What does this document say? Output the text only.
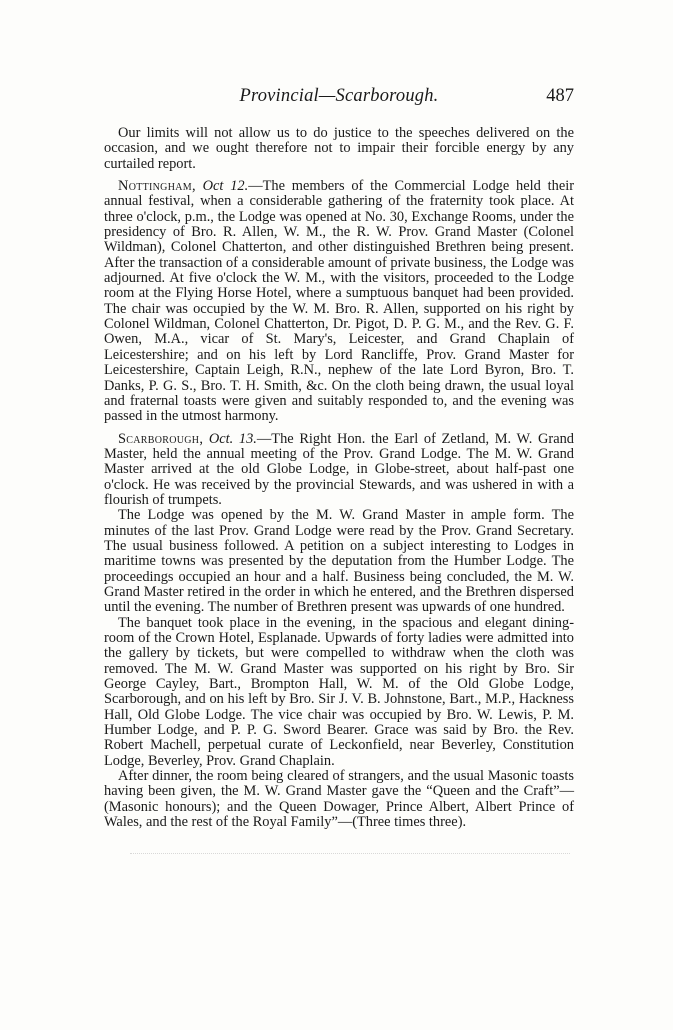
Provincial—Scarborough.	487

Our limits will not allow us to do justice to the speeches delivered on the occasion, and we ought therefore not to impair their forcible energy by any curtailed report.

Nottingham, Oct 12.—The members of the Commercial Lodge held their annual festival, when a considerable gathering of the fraternity took place. At three o'clock, p.m., the Lodge was opened at No. 30, Exchange Rooms, under the presidency of Bro. R. Allen, W. M., the R. W. Prov. Grand Master (Colonel Wildman), Colonel Chatterton, and other distinguished Brethren being present. After the transaction of a considerable amount of private business, the Lodge was adjourned. At five o'clock the W. M., with the visitors, proceeded to the Lodge room at the Flying Horse Hotel, where a sumptuous banquet had been provided. The chair was occupied by the W. M. Bro. R. Allen, supported on his right by Colonel Wildman, Colonel Chatterton, Dr. Pigot, D. P. G. M., and the Rev. G. F. Owen, M.A., vicar of St. Mary's, Leicester, and Grand Chaplain of Leicestershire; and on his left by Lord Rancliffe, Prov. Grand Master for Leicestershire, Captain Leigh, R.N., nephew of the late Lord Byron, Bro. T. Danks, P. G. S., Bro. T. H. Smith, &c. On the cloth being drawn, the usual loyal and fraternal toasts were given and suitably responded to, and the evening was passed in the utmost harmony.

Scarborough, Oct. 13.—The Right Hon. the Earl of Zetland, M. W. Grand Master, held the annual meeting of the Prov. Grand Lodge. The M. W. Grand Master arrived at the old Globe Lodge, in Globe-street, about half-past one o'clock. He was received by the provincial Stewards, and was ushered in with a flourish of trumpets.

The Lodge was opened by the M. W. Grand Master in ample form. The minutes of the last Prov. Grand Lodge were read by the Prov. Grand Secretary. The usual business followed. A petition on a subject interesting to Lodges in maritime towns was presented by the deputation from the Humber Lodge. The proceedings occupied an hour and a half. Business being concluded, the M. W. Grand Master retired in the order in which he entered, and the Brethren dispersed until the evening. The number of Brethren present was upwards of one hundred.

The banquet took place in the evening, in the spacious and elegant dining-room of the Crown Hotel, Esplanade. Upwards of forty ladies were admitted into the gallery by tickets, but were compelled to withdraw when the cloth was removed. The M. W. Grand Master was supported on his right by Bro. Sir George Cayley, Bart., Brompton Hall, W. M. of the Old Globe Lodge, Scarborough, and on his left by Bro. Sir J. V. B. Johnstone, Bart., M.P., Hackness Hall, Old Globe Lodge. The vice chair was occupied by Bro. W. Lewis, P. M. Humber Lodge, and P. P. G. Sword Bearer. Grace was said by Bro. the Rev. Robert Machell, perpetual curate of Leckonfield, near Beverley, Constitution Lodge, Beverley, Prov. Grand Chaplain.

After dinner, the room being cleared of strangers, and the usual Masonic toasts having been given, the M. W. Grand Master gave the “Queen and the Craft”—(Masonic honours); and the Queen Dowager, Prince Albert, Albert Prince of Wales, and the rest of the Royal Family”—(Three times three).
